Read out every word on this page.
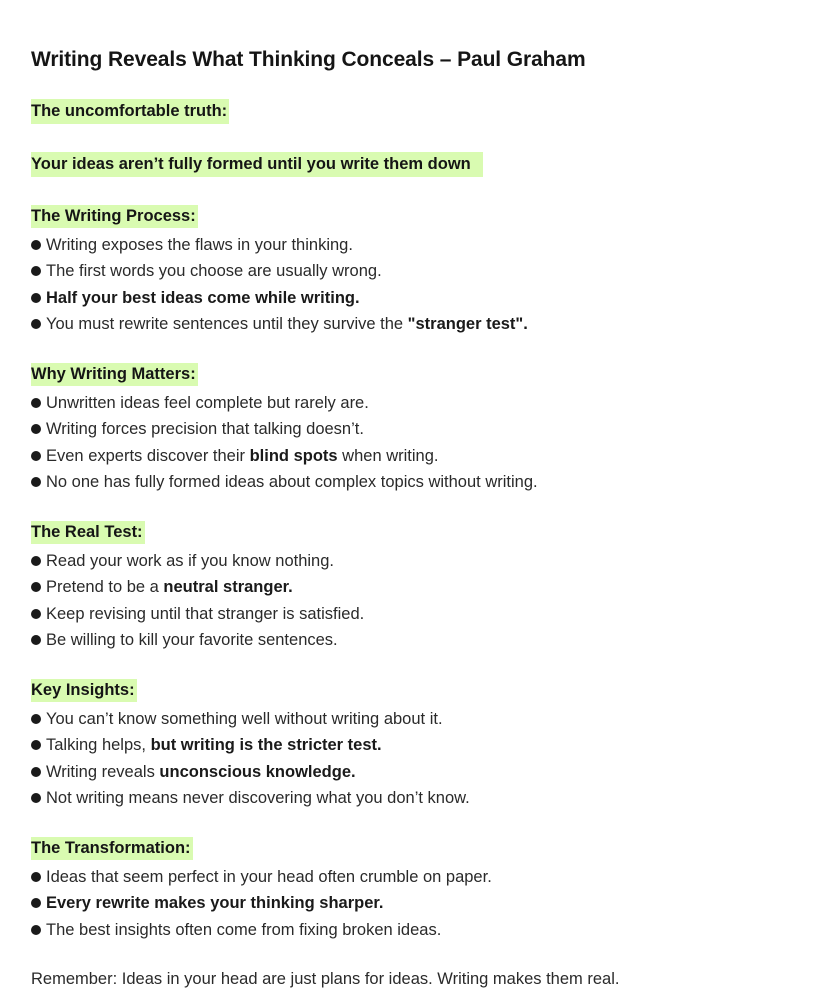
Writing Reveals What Thinking Conceals – Paul Graham
The uncomfortable truth:
Your ideas aren’t fully formed until you write them down
The Writing Process:
Writing exposes the flaws in your thinking.
The first words you choose are usually wrong.
Half your best ideas come while writing.
You must rewrite sentences until they survive the "stranger test".
Why Writing Matters:
Unwritten ideas feel complete but rarely are.
Writing forces precision that talking doesn’t.
Even experts discover their blind spots when writing.
No one has fully formed ideas about complex topics without writing.
The Real Test:
Read your work as if you know nothing.
Pretend to be a neutral stranger.
Keep revising until that stranger is satisfied.
Be willing to kill your favorite sentences.
Key Insights:
You can’t know something well without writing about it.
Talking helps, but writing is the stricter test.
Writing reveals unconscious knowledge.
Not writing means never discovering what you don’t know.
The Transformation:
Ideas that seem perfect in your head often crumble on paper.
Every rewrite makes your thinking sharper.
The best insights often come from fixing broken ideas.
Remember: Ideas in your head are just plans for ideas. Writing makes them real.
